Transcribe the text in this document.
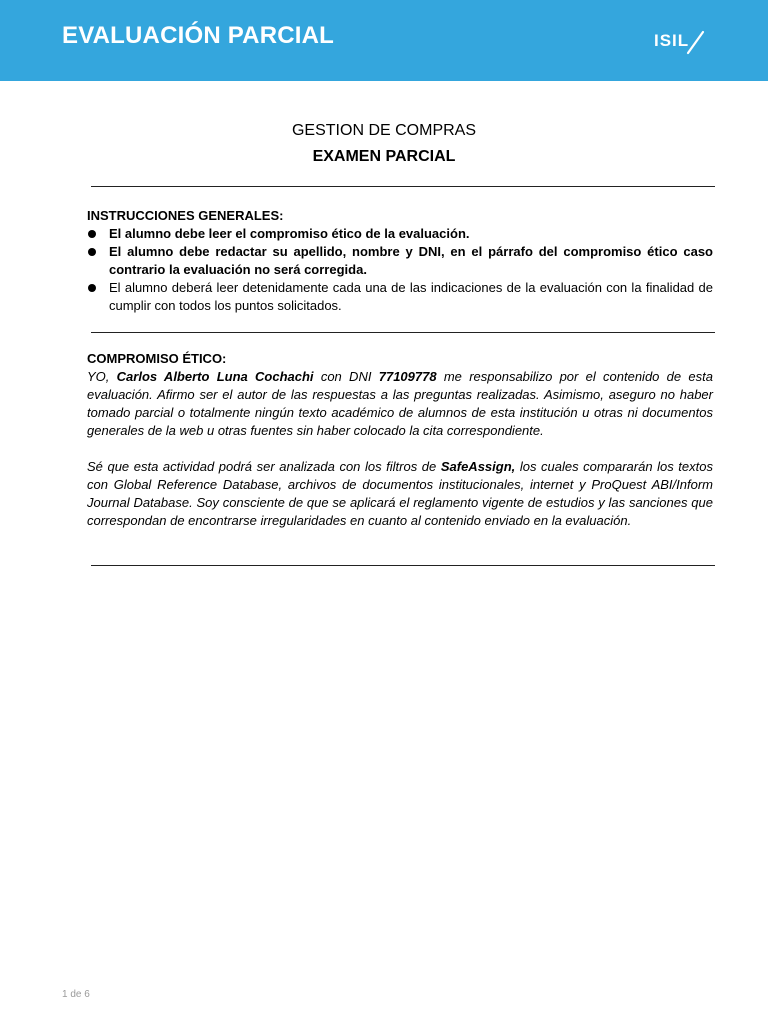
EVALUACIÓN PARCIAL	ISIL
GESTION DE COMPRAS
EXAMEN PARCIAL
INSTRUCCIONES GENERALES:
El alumno debe leer el compromiso ético de la evaluación.
El alumno debe redactar su apellido, nombre y DNI, en el párrafo del compromiso ético caso contrario la evaluación no será corregida.
El alumno deberá leer detenidamente cada una de las indicaciones de la evaluación con la finalidad de cumplir con todos los puntos solicitados.
COMPROMISO ÉTICO:

YO, Carlos Alberto Luna Cochachi con DNI 77109778 me responsabilizo por el contenido de esta evaluación. Afirmo ser el autor de las respuestas a las preguntas realizadas. Asimismo, aseguro no haber tomado parcial o totalmente ningún texto académico de alumnos de esta institución u otras ni documentos generales de la web u otras fuentes sin haber colocado la cita correspondiente.

Sé que esta actividad podrá ser analizada con los filtros de SafeAssign, los cuales compararán los textos con Global Reference Database, archivos de documentos institucionales, internet y ProQuest ABI/Inform Journal Database. Soy consciente de que se aplicará el reglamento vigente de estudios y las sanciones que correspondan de encontrarse irregularidades en cuanto al contenido enviado en la evaluación.

1 de 6
